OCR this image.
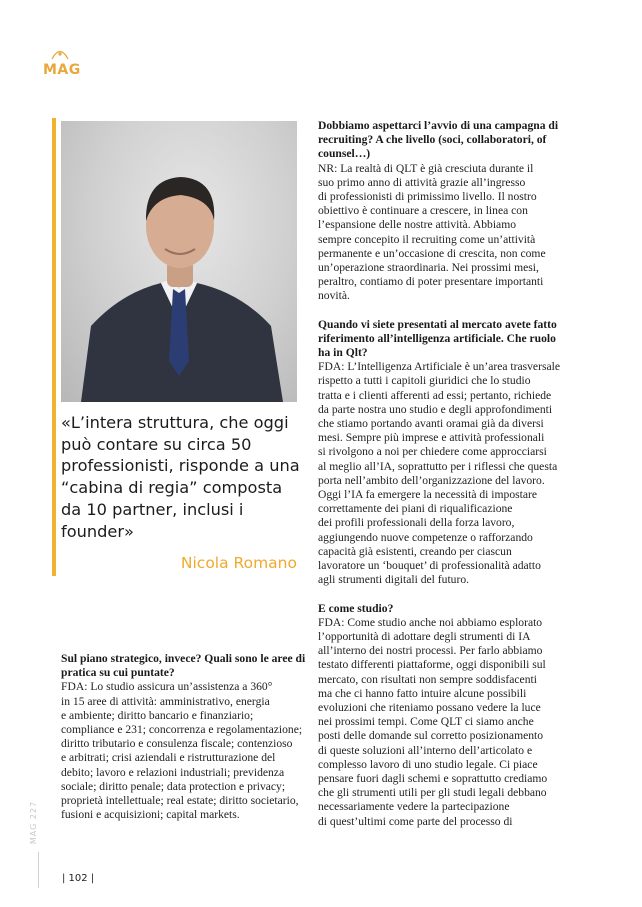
MAG
«L’intera struttura, che oggi
può contare su circa 50
professionisti, risponde a una
“cabina di regia” composta
da 10 partner, inclusi i
founder»
Nicola Romano
Sul piano strategico, invece? Quali sono le aree di
pratica su cui puntate?
FDA: Lo studio assicura un’assistenza a 360°
in 15 aree di attività: amministrativo, energia
e ambiente; diritto bancario e finanziario;
compliance e 231; concorrenza e regolamentazione;
diritto tributario e consulenza fiscale; contenzioso
e arbitrati; crisi aziendali e ristrutturazione del
debito; lavoro e relazioni industriali; previdenza
sociale; diritto penale; data protection e privacy;
proprietà intellettuale; real estate; diritto societario,
fusioni e acquisizioni; capital markets.
Dobbiamo aspettarci l’avvio di una campagna di
recruiting? A che livello (soci, collaboratori, of
counsel…)
NR: La realtà di QLT è già cresciuta durante il
suo primo anno di attività grazie all’ingresso
di professionisti di primissimo livello. Il nostro
obiettivo è continuare a crescere, in linea con
l’espansione delle nostre attività. Abbiamo
sempre concepito il recruiting come un’attività
permanente e un’occasione di crescita, non come
un’operazione straordinaria. Nei prossimi mesi,
peraltro, contiamo di poter presentare importanti
novità.
Quando vi siete presentati al mercato avete fatto
riferimento all’intelligenza artificiale. Che ruolo
ha in Qlt?
FDA: L’Intelligenza Artificiale è un’area trasversale
rispetto a tutti i capitoli giuridici che lo studio
tratta e i clienti afferenti ad essi; pertanto, richiede
da parte nostra uno studio e degli approfondimenti
che stiamo portando avanti oramai già da diversi
mesi. Sempre più imprese e attività professionali
si rivolgono a noi per chiedere come approcciarsi
al meglio all’IA, soprattutto per i riflessi che questa
porta nell’ambito dell’organizzazione del lavoro.
Oggi l’IA fa emergere la necessità di impostare
correttamente dei piani di riqualificazione
dei profili professionali della forza lavoro,
aggiungendo nuove competenze o rafforzando
capacità già esistenti, creando per ciascun
lavoratore un ‘bouquet’ di professionalità adatto
agli strumenti digitali del futuro.
E come studio?
FDA: Come studio anche noi abbiamo esplorato
l’opportunità di adottare degli strumenti di IA
all’interno dei nostri processi. Per farlo abbiamo
testato differenti piattaforme, oggi disponibili sul
mercato, con risultati non sempre soddisfacenti
ma che ci hanno fatto intuire alcune possibili
evoluzioni che riteniamo possano vedere la luce
nei prossimi tempi. Come QLT ci siamo anche
posti delle domande sul corretto posizionamento
di queste soluzioni all’interno dell’articolato e
complesso lavoro di uno studio legale. Ci piace
pensare fuori dagli schemi e soprattutto crediamo
che gli strumenti utili per gli studi legali debbano
necessariamente vedere la partecipazione
di quest’ultimi come parte del processo di
MAG 227
| 102 |
